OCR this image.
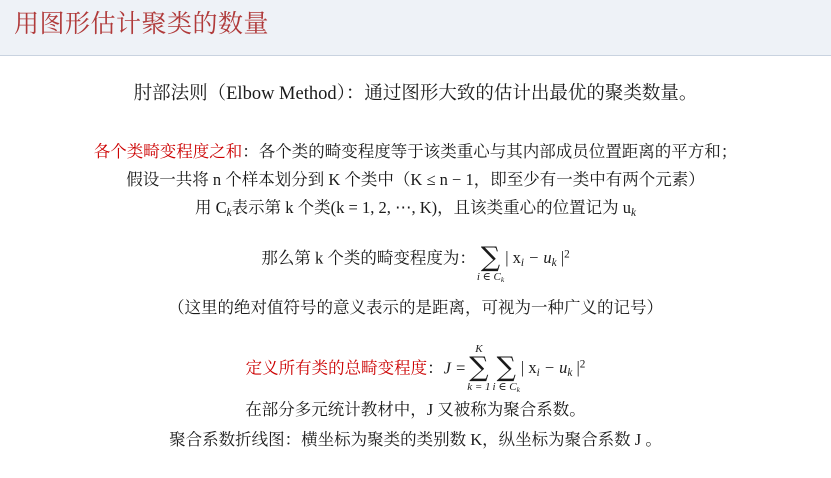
用图形估计聚类的数量
肘部法则（Elbow Method）：通过图形大致的估计出最优的聚类数量。
各个类畸变程度之和：各个类的畸变程度等于该类重心与其内部成员位置距离的平方和；
假设一共将 n 个样本划分到 K 个类中（K ≤ n − 1，即至少有一类中有两个元素）
用 $C_k$表示第 k 个类(k = 1, 2, ⋯, K)，且该类重心的位置记为 $u_k$
那么第 k 个类的畸变程度为： ∑
i ∈ $C_k$
| $x_i - u_k$ $|^2$
（这里的绝对值符号的意义表示的是距离，可视为一种广义的记号）
定义所有类的总畸变程度：J =
K
∑
k = 1
∑
i ∈ $C_k$
| $x_i - u_k$ $|^2$
在部分多元统计教材中，J 又被称为聚合系数。
聚合系数折线图：横坐标为聚类的类别数 K，纵坐标为聚合系数 J 。
